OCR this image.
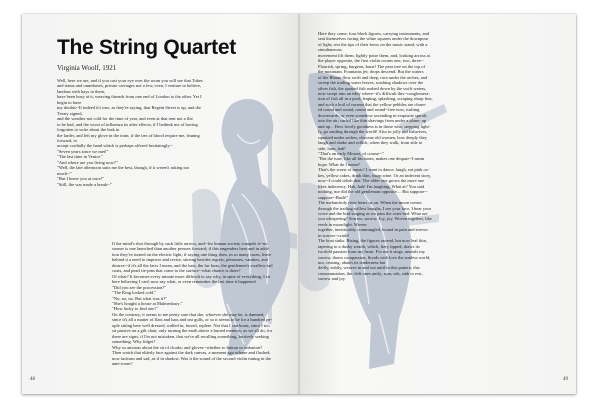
The String Quartet
Virginia Woolf, 1921
Well, here we are, and if you cast your eye over the room you will see that Tubes
and trams and omnibuses, private carriages not a few, even, I venture to believe,
landaus with bays in them,
have been busy at it, weaving threads from one end of London to the other. Yet I
begin to have
my doubts--If indeed it's true, as they're saying, that Regent Street is up, and the
Treaty signed,
and the weather not cold for the time of year, and even at that rent not a flat
to be had, and the worst of influenza its after effects; if I bethink me of having
forgotten to write about the leak in
the larder, and left my glove in the train; if the ties of blood require me, leaning
forward, to
accept cordially the hand which is perhaps offered hesitatingly--
"Seven years since we met!"
"The last time in Venice."
"And where are you living now?"
"Well, the late afternoon suits me the best, though, if it weren't asking too
much--"
"But I knew you at once!"
"Still, the war made a break--"
If the mind's shot through by such little arrows, and--for human society compels it--no
sooner is one launched than another presses forward; if this engenders heat and in addi-
tion they've turned on the electric light; if saying one thing does, in so many cases, leave
behind it a need to improve and revise, stirring besides regrets, pleasures, vanities, and
desires--if it's all the facts I mean, and the hats, the fur boas, the gentlemen's swallow-tail
coats, and pearl tie-pins that come to the surface--what chance is there?
Of what? It becomes every minute more difficult to say why, in spite of everything, I sit
here believing I can't now say what, or even remember the last time it happened.
"Did you see the procession?"
"The King looked cold."
"No, no, no. But what was it?"
"She's bought a house at Malmesbury."
"How lucky to find one!"
On the contrary, it seems to me pretty sure that she, whoever she may be, is damned,
since it's all a matter of flats and hats and sea gulls, or so it seems to be for a hundred pe-
ople sitting here well dressed, walled in, furred, replete. Not that I can boast, since I too
sit passive on a gilt chair, only turning the earth above a buried memory, as we all do, for
there are signs, if I'm not mistaken, that we're all recalling something, furtively seeking
something. Why fidget?
Why so anxious about the sit of cloaks; and gloves--whether to button or unbutton?
Then watch that elderly face against the dark canvas, a moment ago urbane and flushed;
now taciturn and sad, as if in shadow. Was it the sound of the second violin tuning in the
ante-room?
48
Here they come; four black figures, carrying instruments, and
seat themselves facing the white squares under the downpour
of light; rest the tips of their bows on the music stand; with a
simultaneous
movement lift them; lightly poise them, and, looking across at
the player opposite, the first violin counts one, two, three--
Flourish, spring, burgeon, burst! The pear tree on the top of
the mountain. Fountains jet; drops descend. But the waters
of the Rhone flow swift and deep, race under the arches, and
sweep the trailing water leaves, washing shadows over the
silver fish, the spotted fish rushed down by the swift waters,
now swept into an eddy where--it's difficult this--conglomera-
tion of fish all in a pool; leaping, splashing, scraping sharp fins;
and such a boil of current that the yellow pebbles are churn-
ed round and round, round and round--free now, rushing
downwards, or even somehow ascending in exquisite spirals
into the air; curled like thin shavings from under a plane; up
and up... How lovely goodness is in those who, stepping light-
ly, go smiling through the world! Also in jolly old fishwives,
squatted under arches, obscene old women, how deeply they
laugh and shake and rollick, when they walk, from side to
side, hum, hah!
"That's an early Mozart, of course--"
"But the tune, like all his tunes, makes one despair--I mean
hope. What do I mean?
That's the worst of music! I want to dance, laugh, eat pink ca-
kes, yellow cakes, drink thin, sharp wine. Or an indecent story,
now--I could relish that. The older one grows the more one
likes indecency. Hah, hah! I'm laughing. What at? You said
nothing, nor did the old gentleman opposite.... But suppose--
suppose--Hush!"
The melancholy river bears us on. When the moon comes
through the trailing willow boughs, I see your face, I hear your
voice and the bird singing as we pass the osier bed. What are
you whispering? Sorrow, sorrow. Joy, joy. Woven together, like
reeds in moonlight. Woven
together, inextricably commingled, bound in pain and strewn
in sorrow--crash!
The boat sinks. Rising, the figures ascend, but now leaf thin,
tapering to a dusky wraith, which, fiery tipped, draws its
twofold passion from my heart. For me it sings, unseals my
sorrow, thaws compassion, floods with love the sunless world,
nor, ceasing, abates its tenderness but
deftly, subtly, weaves in and out until in this pattern, this
consummation, the cleft ones unify; soar, sob, sink to rest,
sorrow and joy.
49
